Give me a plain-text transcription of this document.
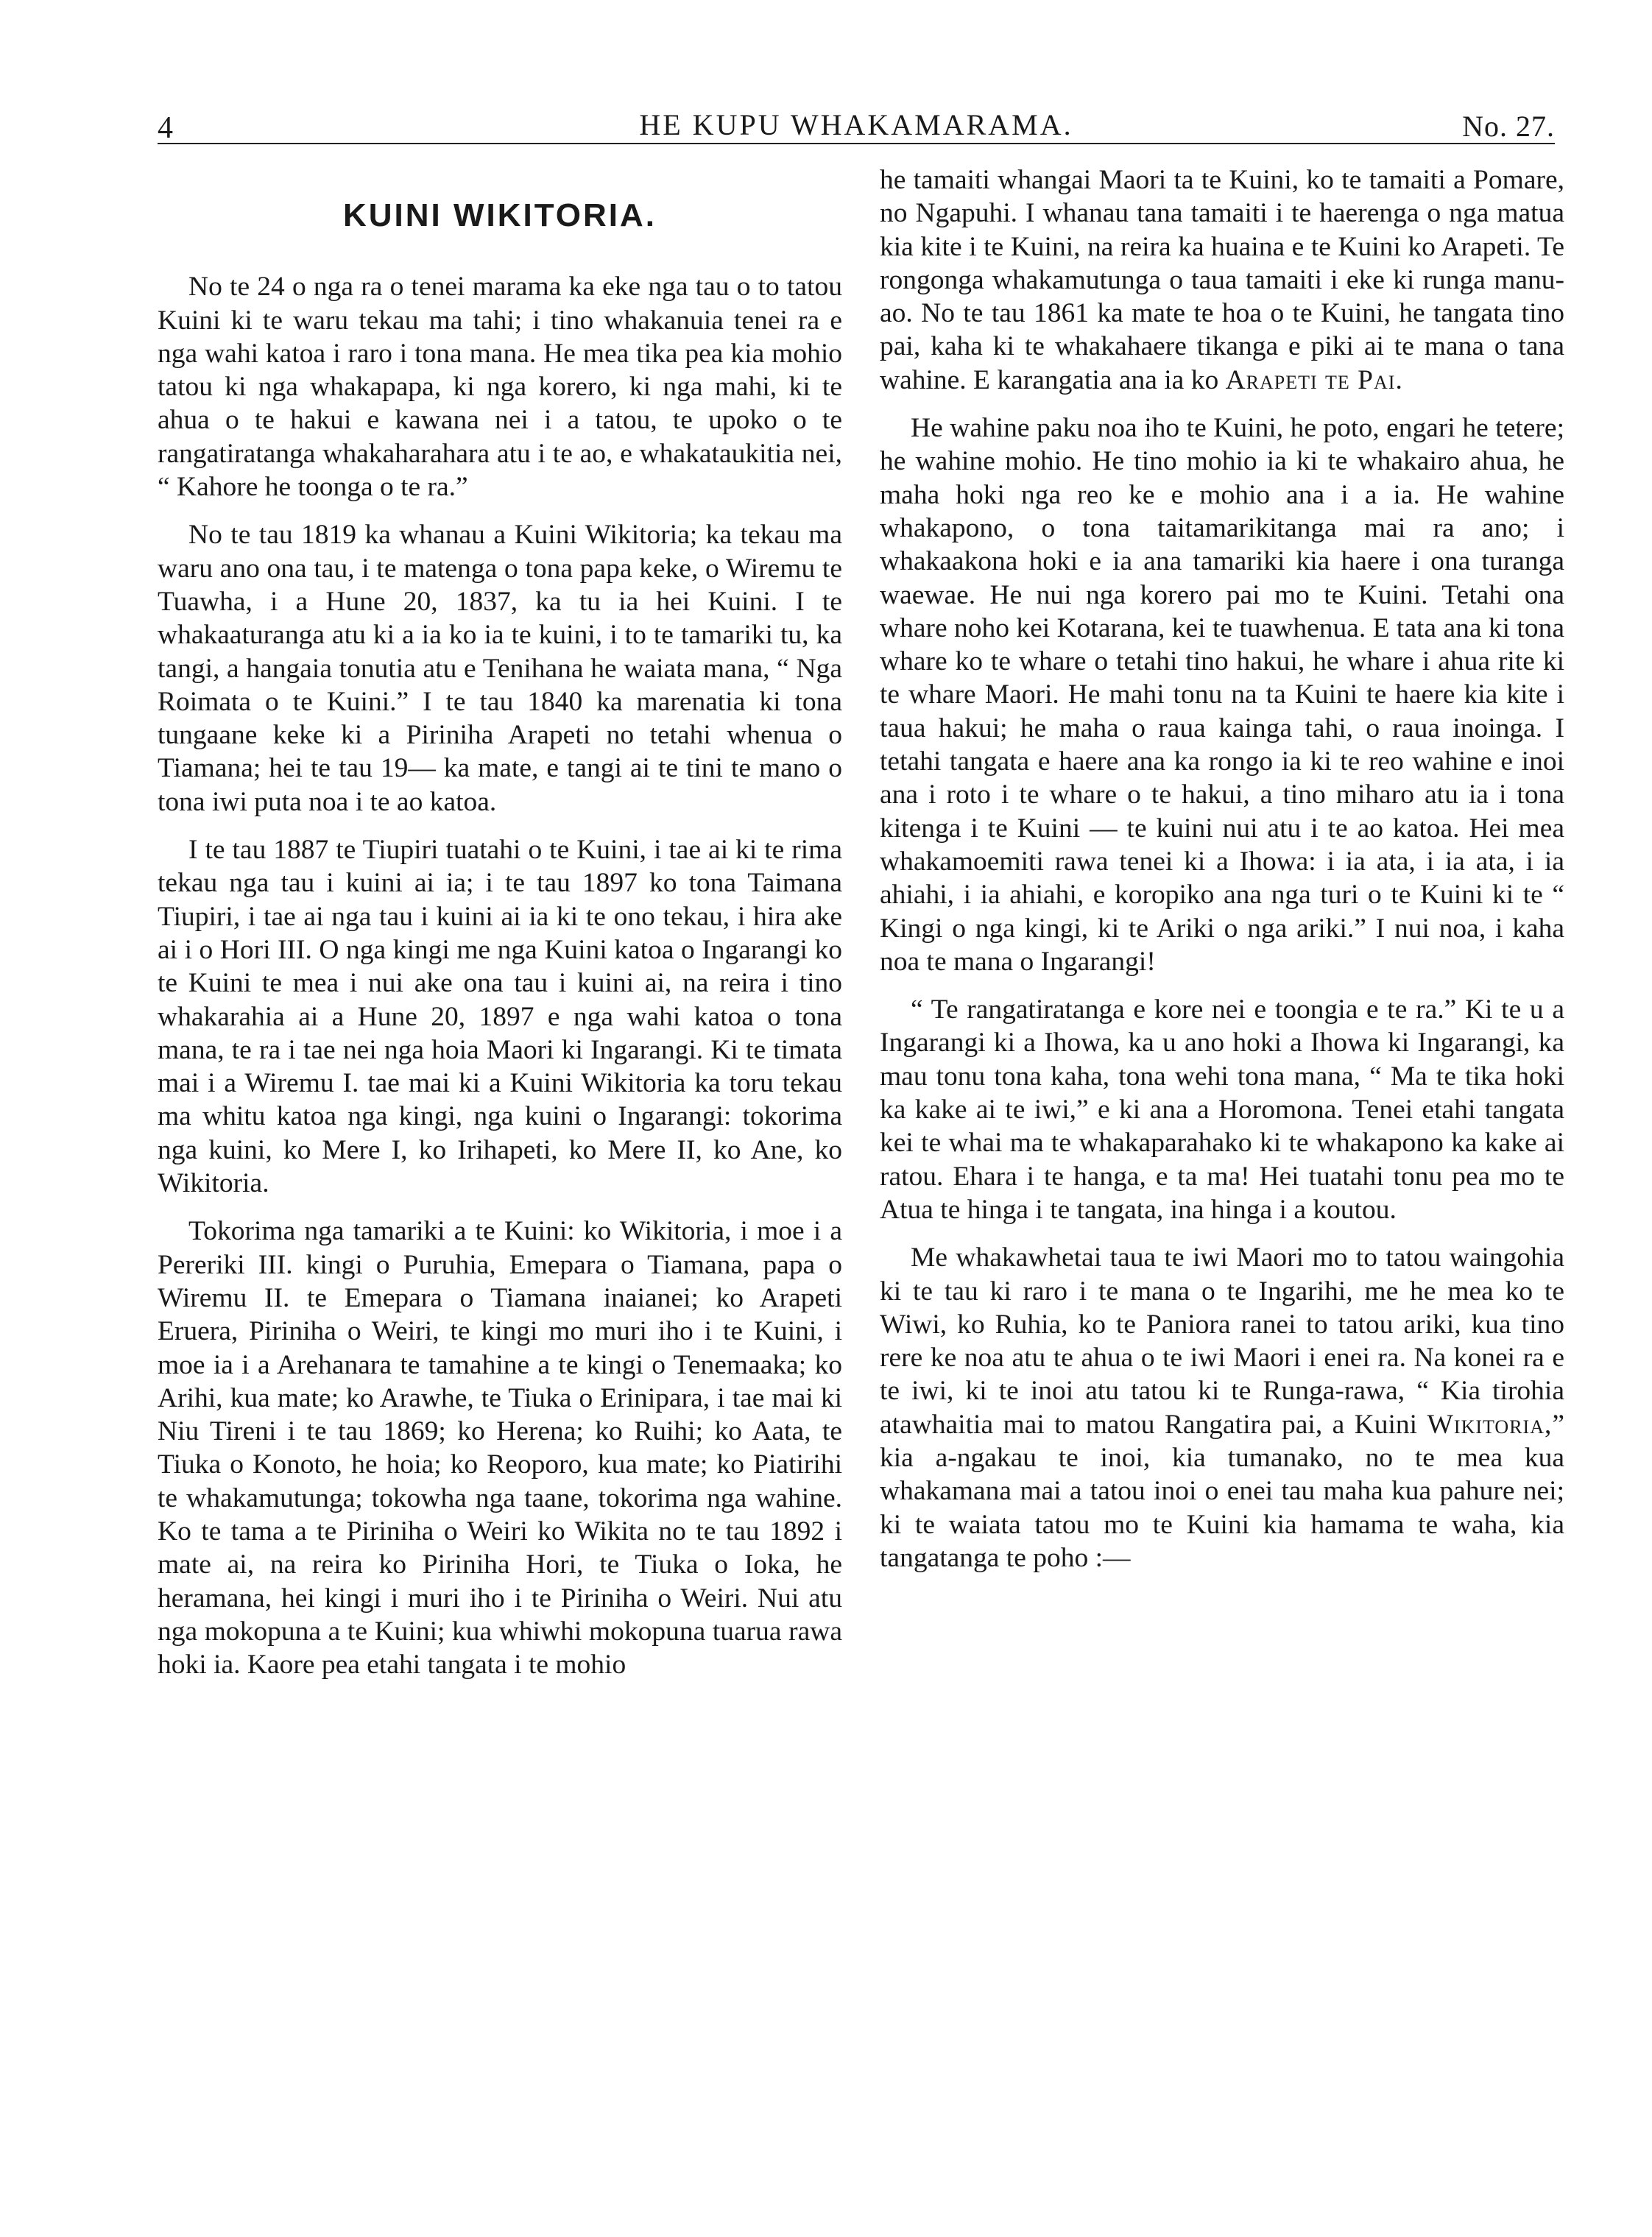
4	HE KUPU WHAKAMARAMA.	No. 27.
KUINI WIKITORIA.

No te 24 o nga ra o tenei marama ka eke nga tau o to tatou Kuini ki te waru tekau ma tahi; i tino whakanuia tenei ra e nga wahi katoa i raro i tona mana. He mea tika pea kia mohio tatou ki nga whakapapa, ki nga korero, ki nga mahi, ki te ahua o te hakui e kawana nei i a tatou, te upoko o te rangatiratanga whakaharahara atu i te ao, e whakataukitia nei, “ Kahore he toonga o te ra.”

No te tau 1819 ka whanau a Kuini Wikitoria; ka tekau ma waru ano ona tau, i te matenga o tona papa keke, o Wiremu te Tuawha, i a Hune 20, 1837, ka tu ia hei Kuini. I te whakaaturanga atu ki a ia ko ia te kuini, i to te tamariki tu, ka tangi, a hangaia tonutia atu e Tenihana he waiata mana, “ Nga Roimata o te Kuini.” I te tau 1840 ka marenatia ki tona tungaane keke ki a Piriniha Arapeti no tetahi whenua o Tiamana; hei te tau 19— ka mate, e tangi ai te tini te mano o tona iwi puta noa i te ao katoa.

I te tau 1887 te Tiupiri tuatahi o te Kuini, i tae ai ki te rima tekau nga tau i kuini ai ia; i te tau 1897 ko tona Taimana Tiupiri, i tae ai nga tau i kuini ai ia ki te ono tekau, i hira ake ai i o Hori III. O nga kingi me nga Kuini katoa o Ingarangi ko te Kuini te mea i nui ake ona tau i kuini ai, na reira i tino whakarahia ai a Hune 20, 1897 e nga wahi katoa o tona mana, te ra i tae nei nga hoia Maori ki Ingarangi. Ki te timata mai i a Wiremu I. tae mai ki a Kuini Wikitoria ka toru tekau ma whitu katoa nga kingi, nga kuini o Ingarangi: tokorima nga kuini, ko Mere I, ko Irihapeti, ko Mere II, ko Ane, ko Wikitoria.

Tokorima nga tamariki a te Kuini: ko Wikitoria, i moe i a Pereriki III. kingi o Puruhia, Emepara o Tiamana, papa o Wiremu II. te Emepara o Tiamana inaianei; ko Arapeti Eruera, Piriniha o Weiri, te kingi mo muri iho i te Kuini, i moe ia i a Arehanara te tamahine a te kingi o Tenemaaka; ko Arihi, kua mate; ko Arawhe, te Tiuka o Erinipara, i tae mai ki Niu Tireni i te tau 1869; ko Herena; ko Ruihi; ko Aata, te Tiuka o Konoto, he hoia; ko Reoporo, kua mate; ko Piatirihi te whakamutunga; tokowha nga taane, tokorima nga wahine. Ko te tama a te Piriniha o Weiri ko Wikita no te tau 1892 i mate ai, na reira ko Piriniha Hori, te Tiuka o Ioka, he heramana, hei kingi i muri iho i te Piriniha o Weiri. Nui atu nga mokopuna a te Kuini; kua whiwhi mokopuna tuarua rawa hoki ia. Kaore pea etahi tangata i te mohio

he tamaiti whangai Maori ta te Kuini, ko te tamaiti a Pomare, no Ngapuhi. I whanau tana tamaiti i te haerenga o nga matua kia kite i te Kuini, na reira ka huaina e te Kuini ko Arapeti. Te rongonga whakamutunga o taua tamaiti i eke ki runga manu-ao. No te tau 1861 ka mate te hoa o te Kuini, he tangata tino pai, kaha ki te whakahaere tikanga e piki ai te mana o tana wahine. E karangatia ana ia ko Arapeti te Pai.

He wahine paku noa iho te Kuini, he poto, engari he tetere; he wahine mohio. He tino mohio ia ki te whakairo ahua, he maha hoki nga reo ke e mohio ana i a ia. He wahine whakapono, o tona taitamarikitanga mai ra ano; i whakaakona hoki e ia ana tamariki kia haere i ona turanga waewae. He nui nga korero pai mo te Kuini. Tetahi ona whare noho kei Kotarana, kei te tuawhenua. E tata ana ki tona whare ko te whare o tetahi tino hakui, he whare i ahua rite ki te whare Maori. He mahi tonu na ta Kuini te haere kia kite i taua hakui; he maha o raua kainga tahi, o raua inoinga. I tetahi tangata e haere ana ka rongo ia ki te reo wahine e inoi ana i roto i te whare o te hakui, a tino miharo atu ia i tona kitenga i te Kuini — te kuini nui atu i te ao katoa. Hei mea whakamoemiti rawa tenei ki a Ihowa: i ia ata, i ia ata, i ia ahiahi, i ia ahiahi, e koropiko ana nga turi o te Kuini ki te “ Kingi o nga kingi, ki te Ariki o nga ariki.” I nui noa, i kaha noa te mana o Ingarangi!

“ Te rangatiratanga e kore nei e toongia e te ra.” Ki te u a Ingarangi ki a Ihowa, ka u ano hoki a Ihowa ki Ingarangi, ka mau tonu tona kaha, tona wehi tona mana, “ Ma te tika hoki ka kake ai te iwi,” e ki ana a Horomona. Tenei etahi tangata kei te whai ma te whakaparahako ki te whakapono ka kake ai ratou. Ehara i te hanga, e ta ma! Hei tuatahi tonu pea mo te Atua te hinga i te tangata, ina hinga i a koutou.

Me whakawhetai taua te iwi Maori mo to tatou waingohia ki te tau ki raro i te mana o te Ingarihi, me he mea ko te Wiwi, ko Ruhia, ko te Paniora ranei to tatou ariki, kua tino rere ke noa atu te ahua o te iwi Maori i enei ra. Na konei ra e te iwi, ki te inoi atu tatou ki te Runga-rawa, “ Kia tirohia atawhaitia mai to matou Rangatira pai, a Kuini Wikitoria,” kia a-ngakau te inoi, kia tumanako, no te mea kua whakamana mai a tatou inoi o enei tau maha kua pahure nei; ki te waiata tatou mo te Kuini kia hamama te waha, kia tangatanga te poho :—
